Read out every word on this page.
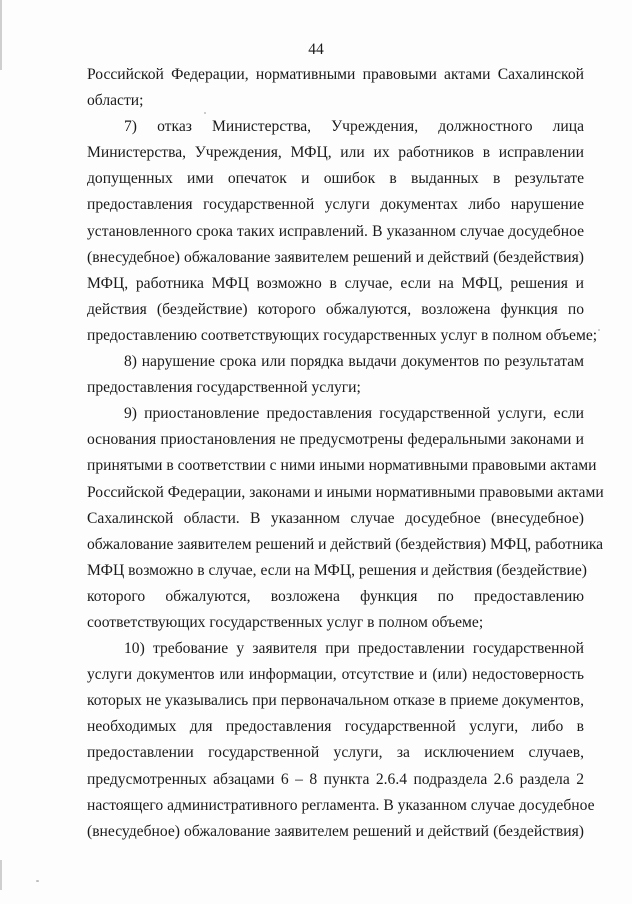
44
Российской Федерации, нормативными правовыми актами Сахалинской
области;
7) отказ Министерства, Учреждения, должностного лица
Министерства, Учреждения, МФЦ, или их работников в исправлении
допущенных ими опечаток и ошибок в выданных в результате
предоставления государственной услуги документах либо нарушение
установленного срока таких исправлений. В указанном случае досудебное
(внесудебное) обжалование заявителем решений и действий (бездействия)
МФЦ, работника МФЦ возможно в случае, если на МФЦ, решения и
действия (бездействие) которого обжалуются, возложена функция по
предоставлению соответствующих государственных услуг в полном объеме;
8) нарушение срока или порядка выдачи документов по результатам
предоставления государственной услуги;
9) приостановление предоставления государственной услуги, если
основания приостановления не предусмотрены федеральными законами и
принятыми в соответствии с ними иными нормативными правовыми актами
Российской Федерации, законами и иными нормативными правовыми актами
Сахалинской области. В указанном случае досудебное (внесудебное)
обжалование заявителем решений и действий (бездействия) МФЦ, работника
МФЦ возможно в случае, если на МФЦ, решения и действия (бездействие)
которого обжалуются, возложена функция по предоставлению
соответствующих государственных услуг в полном объеме;
10) требование у заявителя при предоставлении государственной
услуги документов или информации, отсутствие и (или) недостоверность
которых не указывались при первоначальном отказе в приеме документов,
необходимых для предоставления государственной услуги, либо в
предоставлении государственной услуги, за исключением случаев,
предусмотренных абзацами 6 – 8 пункта 2.6.4 подраздела 2.6 раздела 2
настоящего административного регламента. В указанном случае досудебное
(внесудебное) обжалование заявителем решений и действий (бездействия)
